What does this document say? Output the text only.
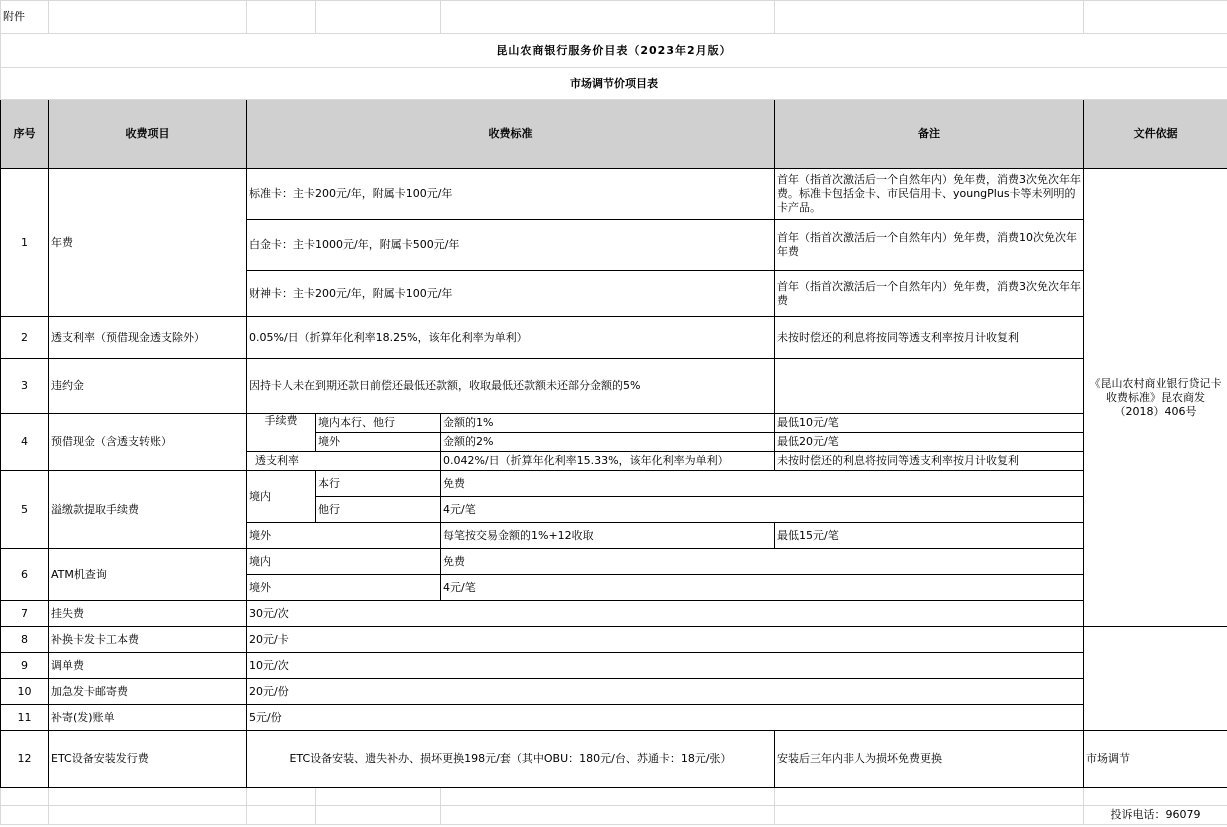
附件						
昆山农商银行服务价目表（2023年2月版）						
市场调节价项目表						
序号	收费项目	收费标准			备注	文件依据
1	年费	标准卡：主卡200元/年，附属卡100元/年			首年（指首次激活后一个自然年内）免年费，消费3次免次年年费。标准卡包括金卡、市民信用卡、youngPlus卡等未列明的卡产品。	《昆山农村商业银行贷记卡收费标准》昆农商发（2018）406号
		白金卡：主卡1000元/年，附属卡500元/年			首年（指首次激活后一个自然年内）免年费，消费10次免次年年费	
		财神卡：主卡200元/年，附属卡100元/年			首年（指首次激活后一个自然年内）免年费，消费3次免次年年费	
2	透支利率（预借现金透支除外）	0.05%/日（折算年化利率18.25%，该年化利率为单利）			未按时偿还的利息将按同等透支利率按月计收复利	
3	违约金	因持卡人未在到期还款日前偿还最低还款额，收取最低还款额未还部分金额的5%				
4	预借现金（含透支转账）	手续费	境内本行、他行	金额的1%	最低10元/笔	
			境外	金额的2%	最低20元/笔	
		透支利率		0.042%/日（折算年化利率15.33%，该年化利率为单利）	未按时偿还的利息将按同等透支利率按月计收复利	
5	溢缴款提取手续费	境内	本行	免费		
			他行	4元/笔		
		境外		每笔按交易金额的1%+12收取	最低15元/笔	
6	ATM机查询	境内		免费		
		境外		4元/笔		
7	挂失费	30元/次				
8	补换卡发卡工本费	20元/卡			
9	调单费	10元/次				
10	加急发卡邮寄费	20元/份				
11	补寄(发)账单	5元/份				
12	ETC设备安装发行费	ETC设备安装、遗失补办、损坏更换198元/套（其中OBU：180元/台、苏通卡：18元/张）			安装后三年内非人为损坏免费更换	市场调节

						投诉电话：96079
